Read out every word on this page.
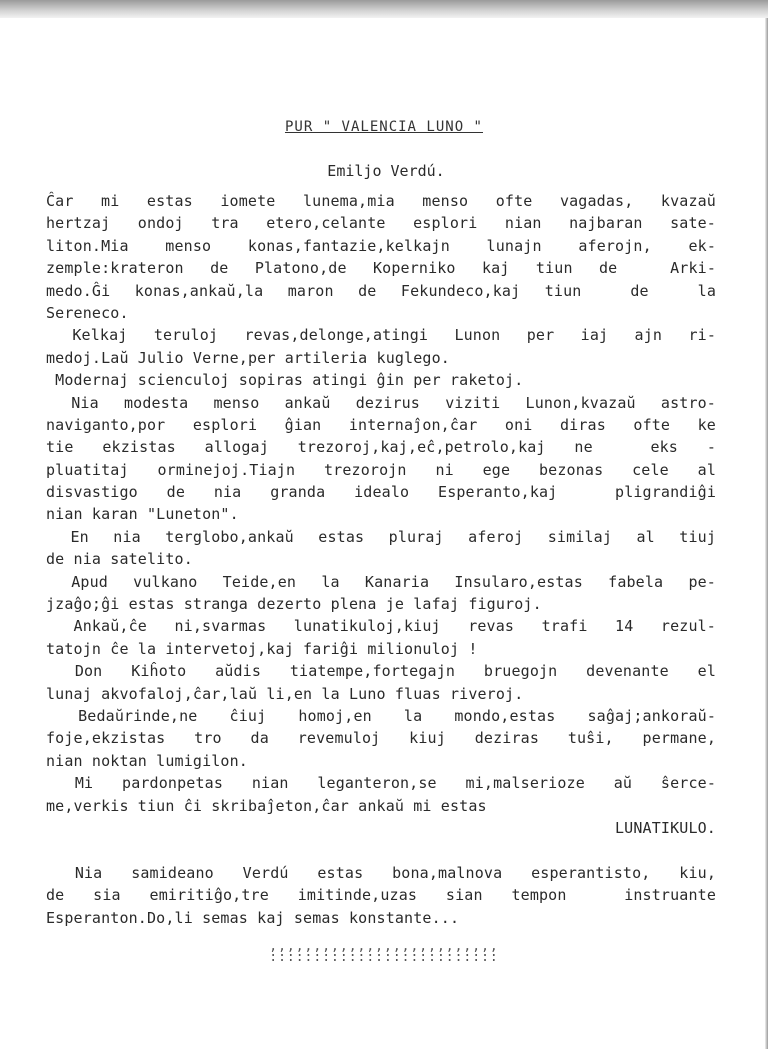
PUR " VALENCIA LUNO "
Emiljo Verdú.
Ĉar mi estas iomete lunema,mia menso ofte vagadas, kvazaŭ
hertzaj ondoj tra etero,celante esplori nian najbaran sate-
liton.Mia menso konas,fantazie,kelkajn lunajn aferojn, ek-
zemple:krateron de Platono,de Koperniko kaj tiun de  Arki-
medo.Ĝi konas,ankaŭ,la maron de Fekundeco,kaj tiun  de  la
Sereneco.
Kelkaj teruloj revas,delonge,atingi Lunon per iaj ajn ri-
medoj.Laŭ Julio Verne,per artileria kuglego.
Modernaj scienculoj sopiras atingi ĝin per raketoj.
Nia modesta menso ankaŭ dezirus viziti Lunon,kvazaŭ astro-
naviganto,por esplori ĝian internaĵon,ĉar oni diras ofte ke
tie ekzistas allogaj trezoroj,kaj,eĉ,petrolo,kaj ne  eks -
pluatitaj orminejoj.Tiajn trezorojn ni ege bezonas cele al
disvastigo de nia granda idealo Esperanto,kaj  pligrandiĝi
nian karan "Luneton".
En nia terglobo,ankaŭ estas pluraj aferoj similaj al tiuj
de nia satelito.
Apud vulkano Teide,en la Kanaria Insularo,estas fabela pe-
jzaĝo;ĝi estas stranga dezerto plena je lafaj figuroj.
Ankaŭ,ĉe ni,svarmas lunatikuloj,kiuj revas trafi 14 rezul-
tatojn ĉe la intervetoj,kaj fariĝi milionuloj !
Don Kiĥoto aŭdis tiatempe,fortegajn bruegojn devenante el
lunaj akvofaloj,ĉar,laŭ li,en la Luno fluas riveroj.
Bedaŭrinde,ne ĉiuj homoj,en la mondo,estas saĝaj;ankoraŭ-
foje,ekzistas tro da revemuloj kiuj deziras tuŝi, permane,
nian noktan lumigilon.
Mi pardonpetas nian leganteron,se mi,malserioze aŭ ŝerce-
me,verkis tiun ĉi skribaĵeton,ĉar ankaŭ mi estas
LUNATIKULO.
Nia samideano Verdú estas bona,malnova esperantisto, kiu,
de sia emiritiĝo,tre imitinde,uzas sian tempon  instruante
Esperanton.Do,li semas kaj semas konstante...
,,,,,,,,,,,,,,,,,,,,,,,,,,
::::::::::::::::::::::::::
